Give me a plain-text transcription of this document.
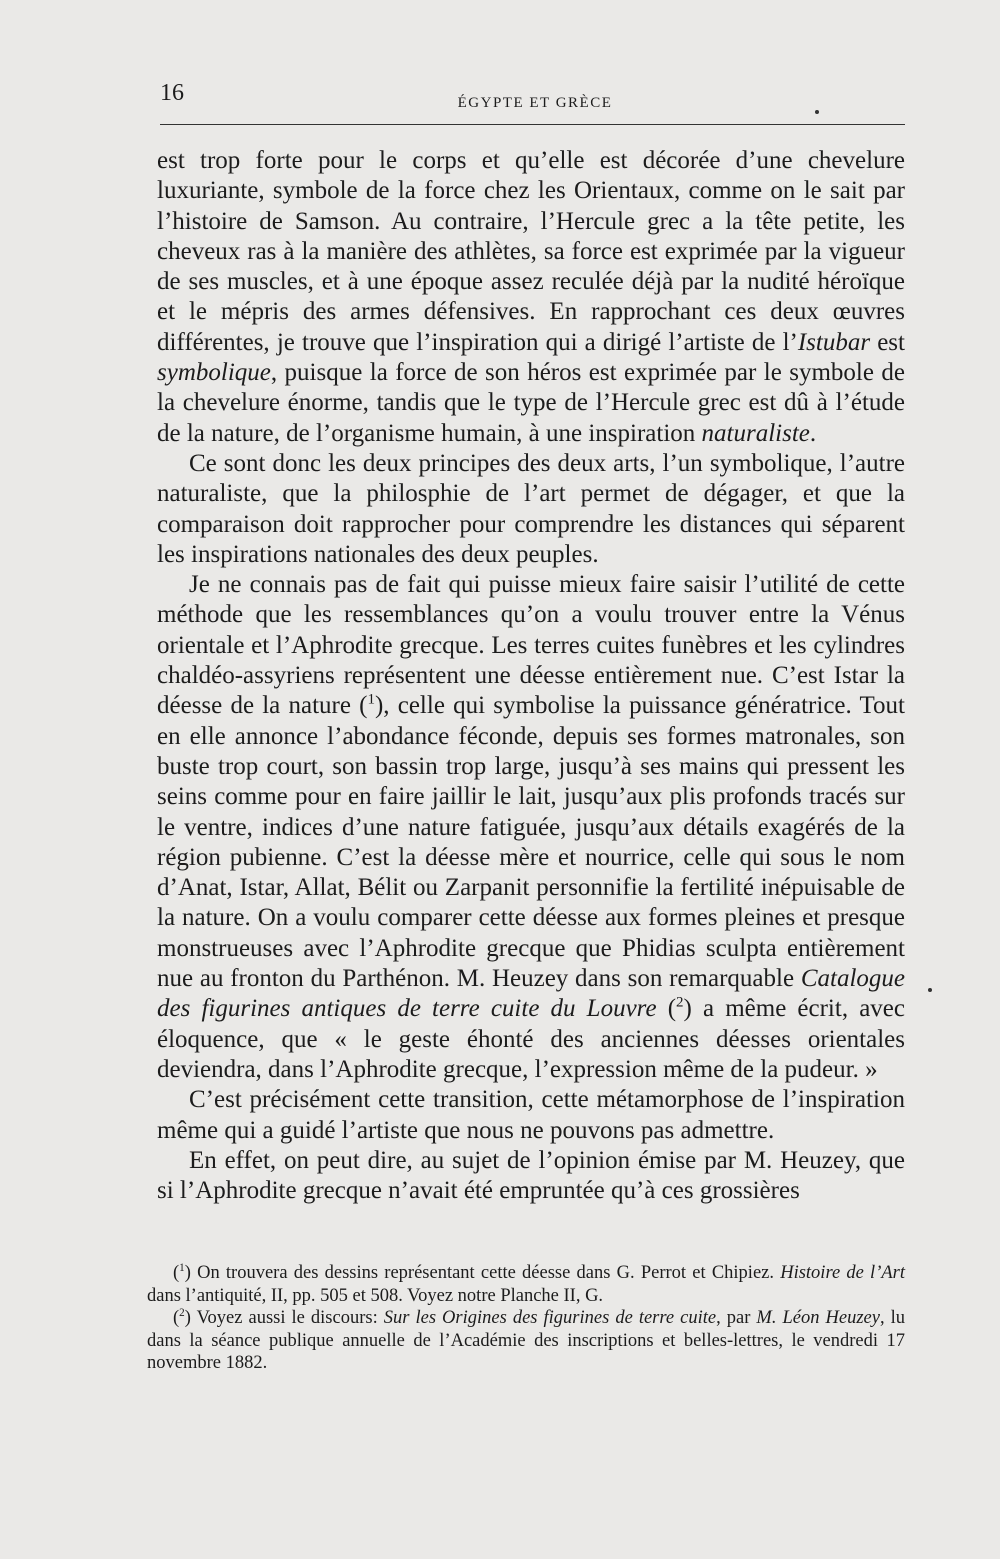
16	ÉGYPTE ET GRÈCE

est trop forte pour le corps et qu’elle est décorée d’une chevelure luxuriante, symbole de la force chez les Orientaux, comme on le sait par l’histoire de Samson. Au contraire, l’Hercule grec a la tête petite, les cheveux ras à la manière des athlètes, sa force est exprimée par la vigueur de ses muscles, et à une époque assez reculée déjà par la nudité héroïque et le mépris des armes défensives. En rapprochant ces deux œuvres différentes, je trouve que l’inspiration qui a dirigé l’artiste de l’Istubar est symbolique, puisque la force de son héros est exprimée par le symbole de la chevelure énorme, tandis que le type de l’Hercule grec est dû à l’étude de la nature, de l’organisme humain, à une inspiration naturaliste.

Ce sont donc les deux principes des deux arts, l’un symbolique, l’autre naturaliste, que la philosphie de l’art permet de dégager, et que la comparaison doit rapprocher pour comprendre les distances qui séparent les inspirations nationales des deux peuples.

Je ne connais pas de fait qui puisse mieux faire saisir l’utilité de cette méthode que les ressemblances qu’on a voulu trouver entre la Vénus orientale et l’Aphrodite grecque. Les terres cuites funèbres et les cylindres chaldéo-assyriens représentent une déesse entièrement nue. C’est Istar la déesse de la nature ($^1$), celle qui symbolise la puissance génératrice. Tout en elle annonce l’abondance féconde, depuis ses formes matronales, son buste trop court, son bassin trop large, jusqu’à ses mains qui pressent les seins comme pour en faire jaillir le lait, jusqu’aux plis profonds tracés sur le ventre, indices d’une nature fatiguée, jusqu’aux détails exagérés de la région pubienne. C’est la déesse mère et nourrice, celle qui sous le nom d’Anat, Istar, Allat, Bélit ou Zarpanit personnifie la fertilité inépuisable de la nature. On a voulu comparer cette déesse aux formes pleines et presque monstrueuses avec l’Aphrodite grecque que Phidias sculpta entièrement nue au fronton du Parthénon. M. Heuzey dans son remarquable Catalogue des figurines antiques de terre cuite du Louvre ($^2$) a même écrit, avec éloquence, que « le geste éhonté des anciennes déesses orientales deviendra, dans l’Aphrodite grecque, l’expression même de la pudeur. »

C’est précisément cette transition, cette métamorphose de l’inspiration même qui a guidé l’artiste que nous ne pouvons pas admettre.

En effet, on peut dire, au sujet de l’opinion émise par M. Heuzey, que si l’Aphrodite grecque n’avait été empruntée qu’à ces grossières

($^1$) On trouvera des dessins représentant cette déesse dans G. Perrot et Chipiez. Histoire de l’Art dans l’antiquité, II, pp. 505 et 508. Voyez notre Planche II, G.

($^2$) Voyez aussi le discours: Sur les Origines des figurines de terre cuite, par M. Léon Heuzey, lu dans la séance publique annuelle de l’Académie des inscriptions et belles-lettres, le vendredi 17 novembre 1882.
